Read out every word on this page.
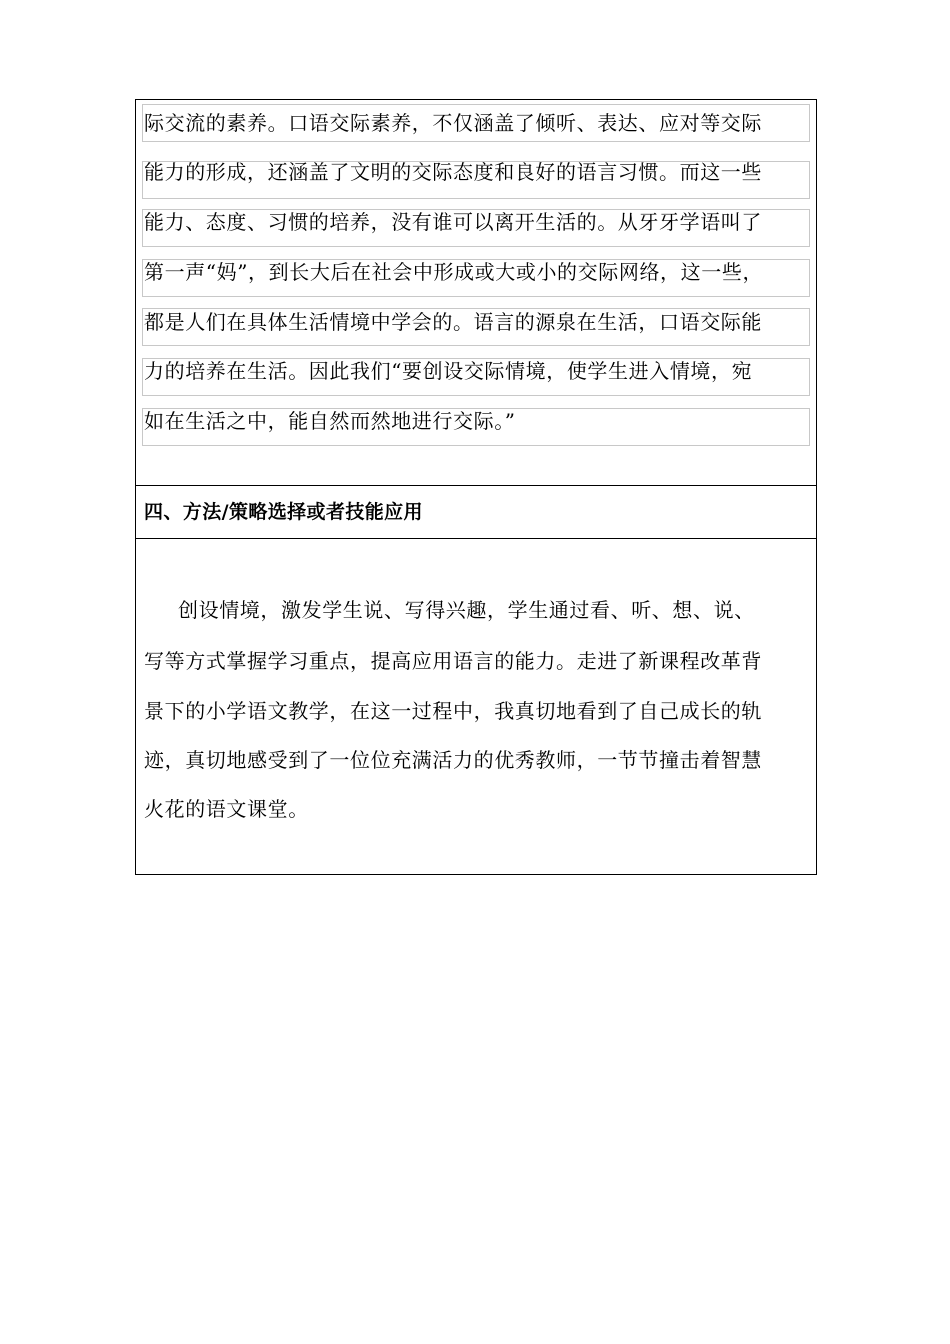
际交流的素养。口语交际素养，不仅涵盖了倾听、表达、应对等交际
能力的形成，还涵盖了文明的交际态度和良好的语言习惯。而这一些
能力、态度、习惯的培养，没有谁可以离开生活的。从牙牙学语叫了
第一声“妈”，到长大后在社会中形成或大或小的交际网络，这一些，
都是人们在具体生活情境中学会的。语言的源泉在生活，口语交际能
力的培养在生活。因此我们“要创设交际情境，使学生进入情境，宛
如在生活之中，能自然而然地进行交际。”
四、方法/策略选择或者技能应用
创设情境，激发学生说、写得兴趣，学生通过看、听、想、说、
写等方式掌握学习重点，提高应用语言的能力。走进了新课程改革背
景下的小学语文教学，在这一过程中，我真切地看到了自己成长的轨
迹，真切地感受到了一位位充满活力的优秀教师，一节节撞击着智慧
火花的语文课堂。
